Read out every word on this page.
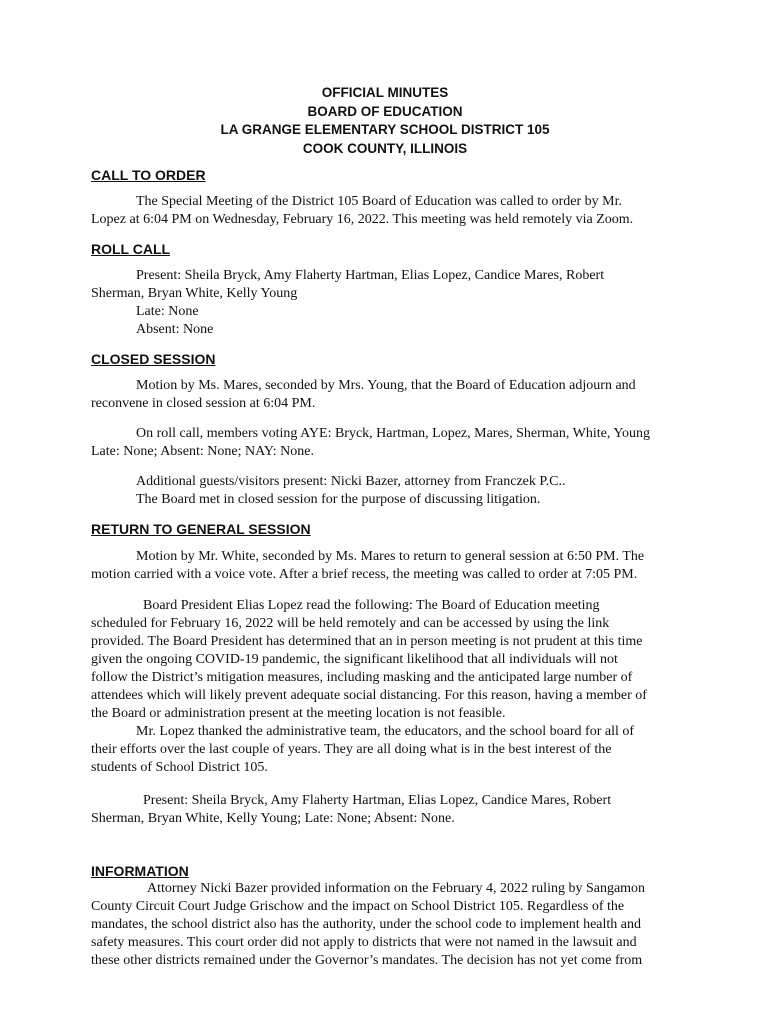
OFFICIAL MINUTES
BOARD OF EDUCATION
LA GRANGE ELEMENTARY SCHOOL DISTRICT 105
COOK COUNTY, ILLINOIS
CALL TO ORDER
The Special Meeting of the District 105 Board of Education was called to order by Mr.
Lopez at 6:04 PM on Wednesday, February 16, 2022. This meeting was held remotely via Zoom.
ROLL CALL
Present: Sheila Bryck, Amy Flaherty Hartman, Elias Lopez, Candice Mares, Robert
Sherman, Bryan White, Kelly Young
Late: None
Absent: None
CLOSED SESSION
Motion by Ms. Mares, seconded by Mrs. Young, that the Board of Education adjourn and
reconvene in closed session at 6:04 PM.
On roll call, members voting AYE: Bryck, Hartman, Lopez, Mares, Sherman, White, Young
Late: None; Absent: None; NAY: None.
Additional guests/visitors present: Nicki Bazer, attorney from Franczek P.C..
The Board met in closed session for the purpose of discussing litigation.
RETURN TO GENERAL SESSION
Motion by Mr. White, seconded by Ms. Mares to return to general session at 6:50 PM. The
motion carried with a voice vote. After a brief recess, the meeting was called to order at 7:05 PM.
Board President Elias Lopez read the following: The Board of Education meeting
scheduled for February 16, 2022 will be held remotely and can be accessed by using the link
provided. The Board President has determined that an in person meeting is not prudent at this time
given the ongoing COVID-19 pandemic, the significant likelihood that all individuals will not
follow the District’s mitigation measures, including masking and the anticipated large number of
attendees which will likely prevent adequate social distancing. For this reason, having a member of
the Board or administration present at the meeting location is not feasible.
Mr. Lopez thanked the administrative team, the educators, and the school board for all of
their efforts over the last couple of years. They are all doing what is in the best interest of the
students of School District 105.
Present: Sheila Bryck, Amy Flaherty Hartman, Elias Lopez, Candice Mares, Robert
Sherman, Bryan White, Kelly Young; Late: None; Absent: None.
INFORMATION
Attorney Nicki Bazer provided information on the February 4, 2022 ruling by Sangamon
County Circuit Court Judge Grischow and the impact on School District 105. Regardless of the
mandates, the school district also has the authority, under the school code to implement health and
safety measures. This court order did not apply to districts that were not named in the lawsuit and
these other districts remained under the Governor’s mandates. The decision has not yet come from
